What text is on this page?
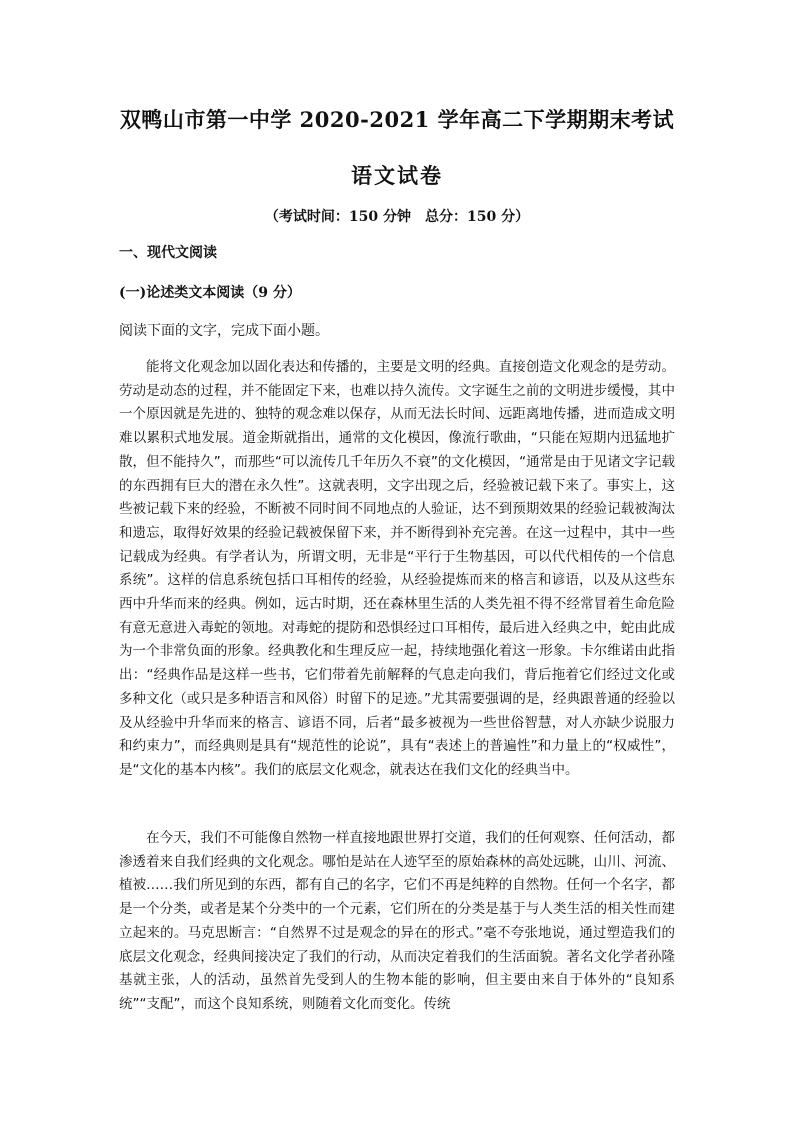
双鸭山市第一中学 2020-2021 学年高二下学期期末考试
语文试卷
（考试时间：150 分钟　总分：150 分）
一、现代文阅读
(一)论述类文本阅读（9 分）
阅读下面的文字，完成下面小题。

能将文化观念加以固化表达和传播的，主要是文明的经典。直接创造文化观念的是劳动。劳动是动态的过程，并不能固定下来，也难以持久流传。文字诞生之前的文明进步缓慢，其中一个原因就是先进的、独特的观念难以保存，从而无法长时间、远距离地传播，进而造成文明难以累积式地发展。道金斯就指出，通常的文化模因，像流行歌曲，“只能在短期内迅猛地扩散，但不能持久”，而那些“可以流传几千年历久不衰”的文化模因，“通常是由于见诸文字记载的东西拥有巨大的潜在永久性”。这就表明，文字出现之后，经验被记载下来了。事实上，这些被记载下来的经验，不断被不同时间不同地点的人验证，达不到预期效果的经验记载被淘汰和遗忘，取得好效果的经验记载被保留下来，并不断得到补充完善。在这一过程中，其中一些记载成为经典。有学者认为，所谓文明，无非是“平行于生物基因，可以代代相传的一个信息系统”。这样的信息系统包括口耳相传的经验，从经验提炼而来的格言和谚语，以及从这些东西中升华而来的经典。例如，远古时期，还在森林里生活的人类先祖不得不经常冒着生命危险有意无意进入毒蛇的领地。对毒蛇的提防和恐惧经过口耳相传，最后进入经典之中，蛇由此成为一个非常负面的形象。经典教化和生理反应一起，持续地强化着这一形象。卡尔维诺由此指出：“经典作品是这样一些书，它们带着先前解释的气息走向我们，背后拖着它们经过文化或多种文化（或只是多种语言和风俗）时留下的足迹。”尤其需要强调的是，经典跟普通的经验以及从经验中升华而来的格言、谚语不同，后者“最多被视为一些世俗智慧，对人亦缺少说服力和约束力”，而经典则是具有“规范性的论说”，具有“表述上的普遍性”和力量上的“权威性”，是“文化的基本内核”。我们的底层文化观念，就表达在我们文化的经典当中。

在今天，我们不可能像自然物一样直接地跟世界打交道，我们的任何观察、任何活动，都渗透着来自我们经典的文化观念。哪怕是站在人迹罕至的原始森林的高处远眺，山川、河流、植被……我们所见到的东西，都有自己的名字，它们不再是纯粹的自然物。任何一个名字，都是一个分类，或者是某个分类中的一个元素，它们所在的分类是基于与人类生活的相关性而建立起来的。马克思断言：“自然界不过是观念的异在的形式。”毫不夸张地说，通过塑造我们的底层文化观念，经典间接决定了我们的行动，从而决定着我们的生活面貌。著名文化学者孙隆基就主张，人的活动，虽然首先受到人的生物本能的影响，但主要由来自于体外的“良知系统”“支配”，而这个良知系统，则随着文化而变化。传统
